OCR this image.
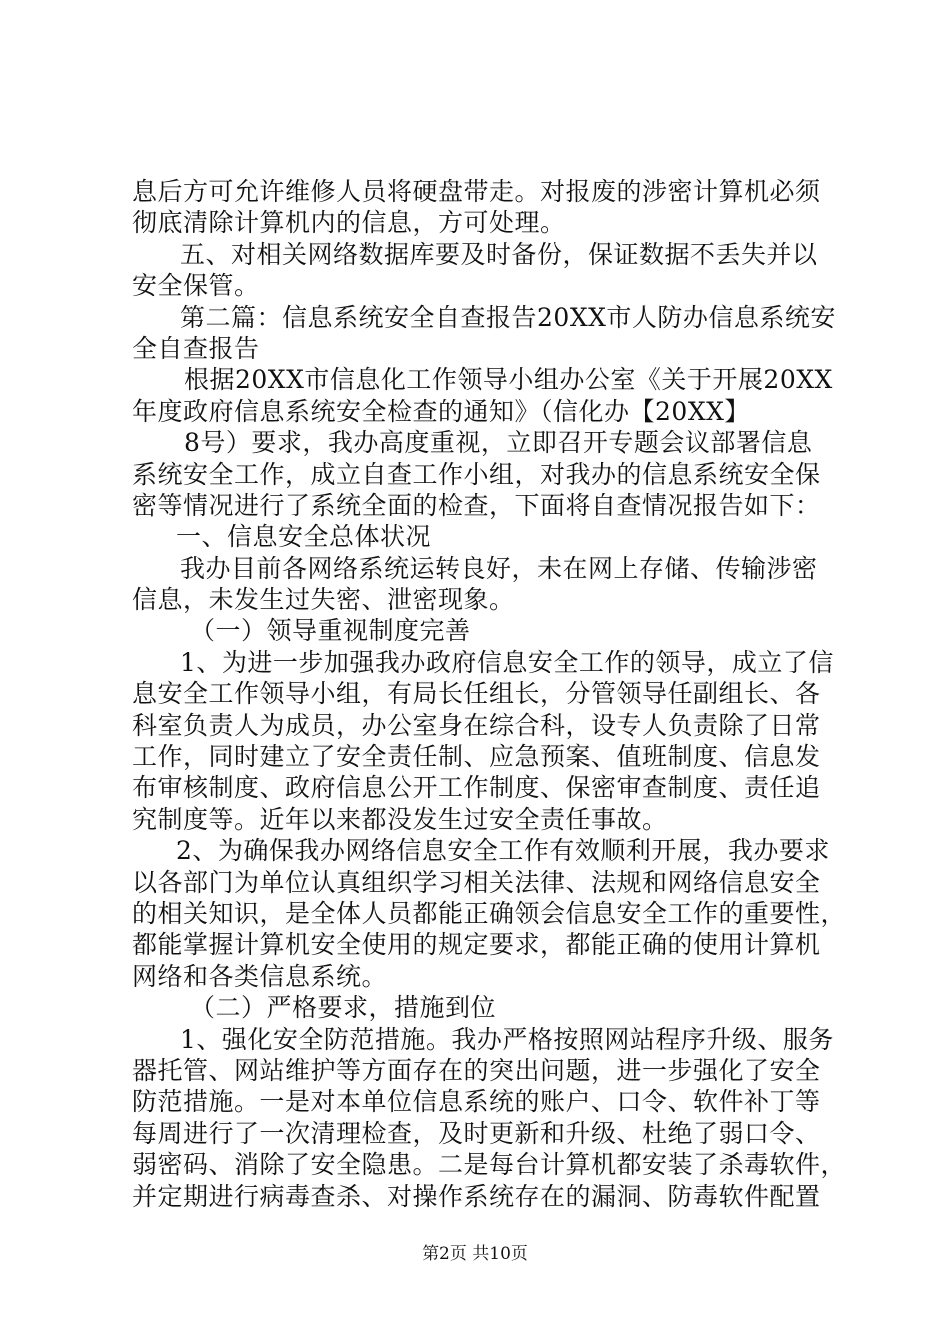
息后方可允许维修人员将硬盘带走。对报废的涉密计算机必须
彻底清除计算机内的信息，方可处理。
五、对相关网络数据库要及时备份，保证数据不丢失并以
安全保管。
第二篇：信息系统安全自查报告20XX市人防办信息系统安
全自查报告
根据20XX市信息化工作领导小组办公室《关于开展20XX
年度政府信息系统安全检查的通知》（信化办【20XX】
8号）要求，我办高度重视，立即召开专题会议部署信息
系统安全工作，成立自查工作小组，对我办的信息系统安全保
密等情况进行了系统全面的检查，下面将自查情况报告如下：
一、信息安全总体状况
我办目前各网络系统运转良好，未在网上存储、传输涉密
信息，未发生过失密、泄密现象。
（一）领导重视制度完善
1、为进一步加强我办政府信息安全工作的领导，成立了信
息安全工作领导小组，有局长任组长，分管领导任副组长、各
科室负责人为成员，办公室身在综合科，设专人负责除了日常
工作，同时建立了安全责任制、应急预案、值班制度、信息发
布审核制度、政府信息公开工作制度、保密审查制度、责任追
究制度等。近年以来都没发生过安全责任事故。
2、为确保我办网络信息安全工作有效顺利开展，我办要求
以各部门为单位认真组织学习相关法律、法规和网络信息安全
的相关知识，是全体人员都能正确领会信息安全工作的重要性，
都能掌握计算机安全使用的规定要求，都能正确的使用计算机
网络和各类信息系统。
（二）严格要求，措施到位
1、强化安全防范措施。我办严格按照网站程序升级、服务
器托管、网站维护等方面存在的突出问题，进一步强化了安全
防范措施。一是对本单位信息系统的账户、口令、软件补丁等
每周进行了一次清理检查，及时更新和升级、杜绝了弱口令、
弱密码、消除了安全隐患。二是每台计算机都安装了杀毒软件，
并定期进行病毒查杀、对操作系统存在的漏洞、防毒软件配置
第2页 共10页
